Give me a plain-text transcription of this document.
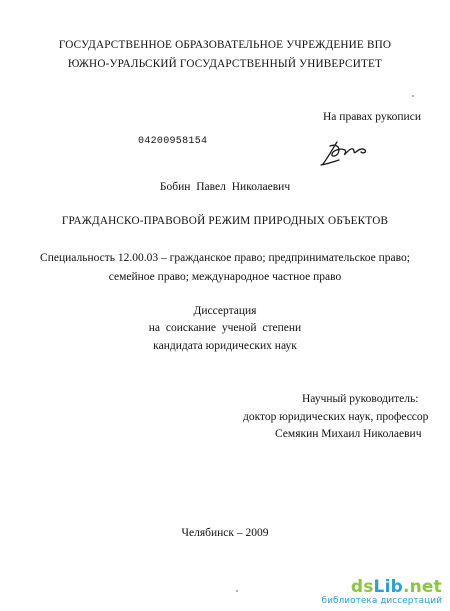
ГОСУДАРСТВЕННОЕ ОБРАЗОВАТЕЛЬНОЕ УЧРЕЖДЕНИЕ ВПО
ЮЖНО-УРАЛЬСКИЙ ГОСУДАРСТВЕННЫЙ УНИВЕРСИТЕТ
На правах рукописи
04200958154
Бобин Павел Николаевич
ГРАЖДАНСКО-ПРАВОВОЙ РЕЖИМ ПРИРОДНЫХ ОБЪЕКТОВ
Специальность 12.00.03 – гражданское право; предпринимательское право;
семейное право; международное частное право
Диссертация
на соискание ученой степени
кандидата юридических наук
Научный руководитель:
доктор юридических наук, профессор
Семякин Михаил Николаевич
Челябинск – 2009
dsLib.net
библиотека диссертаций
